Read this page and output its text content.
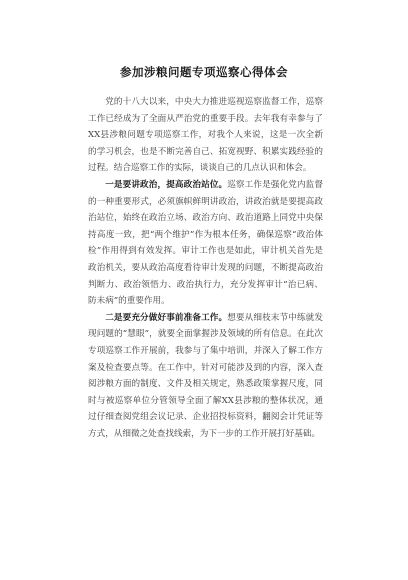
参加涉粮问题专项巡察心得体会

党的十八大以来，中央大力推进巡视巡察监督工作，巡察工作已经成为了全面从严治党的重要手段。去年我有幸参与了XX县涉粮问题专项巡察工作，对我个人来说，这是一次全新的学习机会，也是不断完善自己、拓宽视野、积累实践经验的过程。结合巡察工作的实际，谈谈自己的几点认识和体会。

一是要讲政治，提高政治站位。巡察工作是强化党内监督的一种重要形式，必须旗帜鲜明讲政治，讲政治就是要提高政治站位，始终在政治立场、政治方向、政治道路上同党中央保持高度一致，把“两个维护”作为根本任务，确保巡察“政治体检”作用得到有效发挥。审计工作也是如此，审计机关首先是政治机关，要从政治高度看待审计发现的问题，不断提高政治判断力、政治领悟力、政治执行力，充分发挥审计“治已病、防未病”的重要作用。

二是要充分做好事前准备工作。想要从细枝末节中练就发现问题的“慧眼”，就要全面掌握涉及领域的所有信息。在此次专项巡察工作开展前，我参与了集中培训，并深入了解工作方案及检查要点等。在工作中，针对可能涉及到的内容，深入查阅涉粮方面的制度、文件及相关规定，熟悉政策掌握尺度，同时与被巡察单位分管领导全面了解XX县涉粮的整体状况，通过仔细查阅党组会议记录、企业招投标资料，翻阅会计凭证等方式，从细微之处查找线索，为下一步的工作开展打好基础。
